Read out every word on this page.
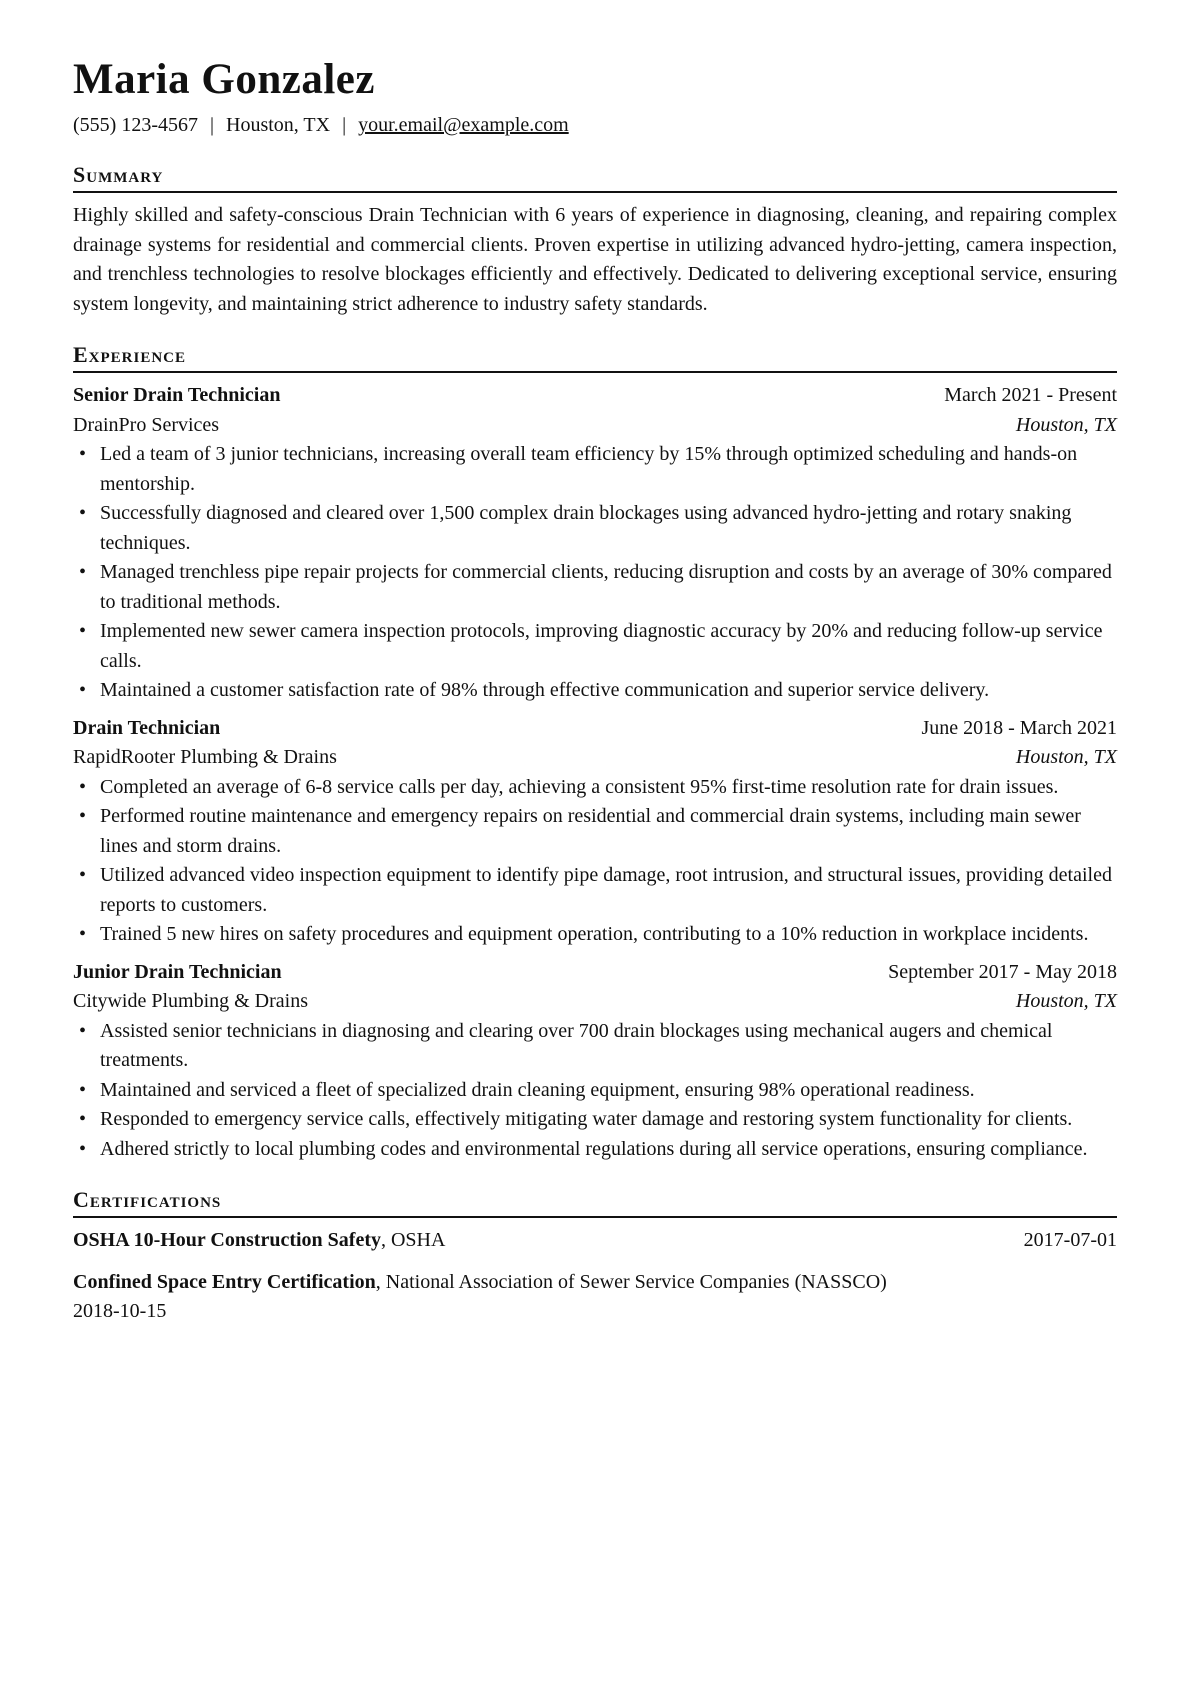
Maria Gonzalez
(555) 123-4567 | Houston, TX | your.email@example.com
Summary

Highly skilled and safety-conscious Drain Technician with 6 years of experience in diagnosing, cleaning, and repairing complex drainage systems for residential and commercial clients. Proven expertise in utilizing advanced hydro-jetting, camera inspection, and trenchless technologies to resolve blockages efficiently and effectively. Dedicated to delivering exceptional service, ensuring system longevity, and maintaining strict adherence to industry safety standards.

Experience
Senior Drain Technician	March 2021 - Present
DrainPro Services	Houston, TX
• Led a team of 3 junior technicians, increasing overall team efficiency by 15% through optimized scheduling and hands-on mentorship.
• Successfully diagnosed and cleared over 1,500 complex drain blockages using advanced hydro-jetting and rotary snaking techniques.
• Managed trenchless pipe repair projects for commercial clients, reducing disruption and costs by an average of 30% compared to traditional methods.
• Implemented new sewer camera inspection protocols, improving diagnostic accuracy by 20% and reducing follow-up service calls.
• Maintained a customer satisfaction rate of 98% through effective communication and superior service delivery.
Drain Technician	June 2018 - March 2021
RapidRooter Plumbing & Drains	Houston, TX
• Completed an average of 6-8 service calls per day, achieving a consistent 95% first-time resolution rate for drain issues.
• Performed routine maintenance and emergency repairs on residential and commercial drain systems, including main sewer lines and storm drains.
• Utilized advanced video inspection equipment to identify pipe damage, root intrusion, and structural issues, providing detailed reports to customers.
• Trained 5 new hires on safety procedures and equipment operation, contributing to a 10% reduction in workplace incidents.
Junior Drain Technician	September 2017 - May 2018
Citywide Plumbing & Drains	Houston, TX
• Assisted senior technicians in diagnosing and clearing over 700 drain blockages using mechanical augers and chemical treatments.
• Maintained and serviced a fleet of specialized drain cleaning equipment, ensuring 98% operational readiness.
• Responded to emergency service calls, effectively mitigating water damage and restoring system functionality for clients.
• Adhered strictly to local plumbing codes and environmental regulations during all service operations, ensuring compliance.
Certifications
OSHA 10-Hour Construction Safety, OSHA	2017-07-01
Confined Space Entry Certification, National Association of Sewer Service Companies (NASSCO)
2018-10-15
